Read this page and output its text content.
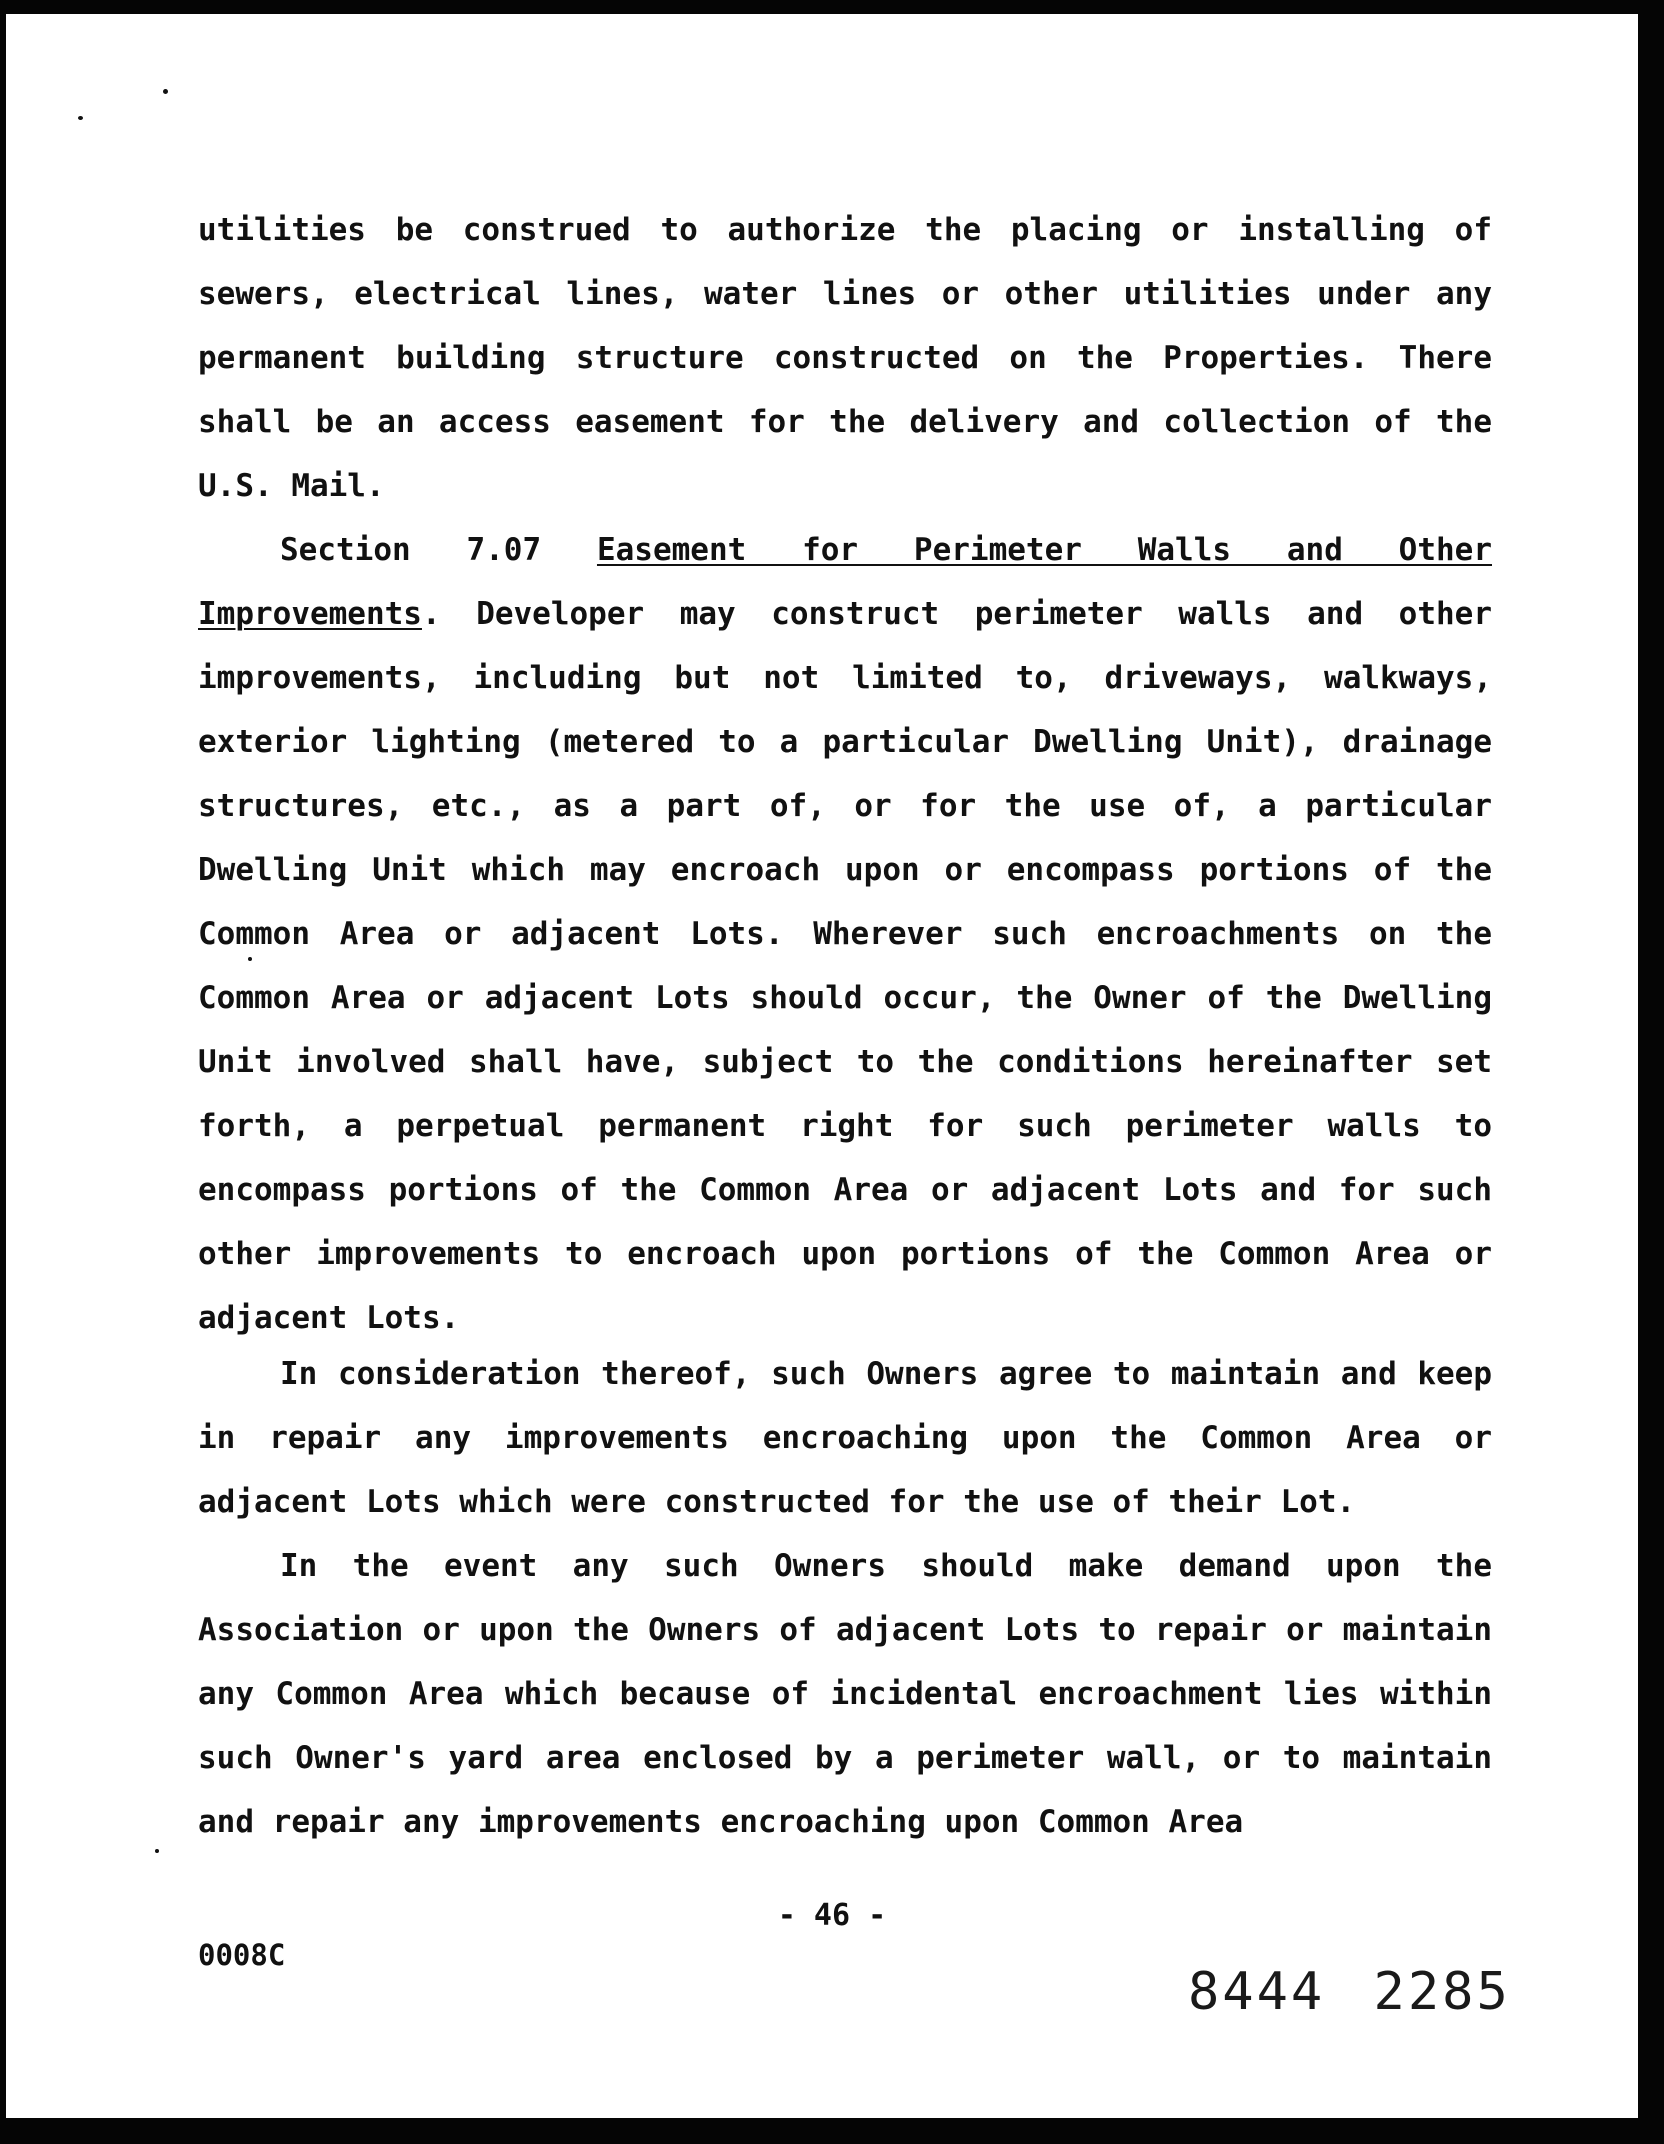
utilities be construed to authorize the placing or installing of sewers, electrical lines, water lines or other utilities under any permanent building structure constructed on the Properties. There shall be an access easement for the delivery and collection of the U.S. Mail.

Section 7.07 Easement for Perimeter Walls and Other Improvements. Developer may construct perimeter walls and other improvements, including but not limited to, driveways, walkways, exterior lighting (metered to a particular Dwelling Unit), drainage structures, etc., as a part of, or for the use of, a particular Dwelling Unit which may encroach upon or encompass portions of the Common Area or adjacent Lots. Wherever such encroachments on the Common Area or adjacent Lots should occur, the Owner of the Dwelling Unit involved shall have, subject to the conditions hereinafter set forth, a perpetual permanent right for such perimeter walls to encompass portions of the Common Area or adjacent Lots and for such other improvements to encroach upon portions of the Common Area or adjacent Lots.

In consideration thereof, such Owners agree to maintain and keep in repair any improvements encroaching upon the Common Area or adjacent Lots which were constructed for the use of their Lot.

In the event any such Owners should make demand upon the Association or upon the Owners of adjacent Lots to repair or maintain any Common Area which because of incidental encroachment lies within such Owner's yard area enclosed by a perimeter wall, or to maintain and repair any improvements encroaching upon Common Area

- 46 -
0008C
8444 2285
